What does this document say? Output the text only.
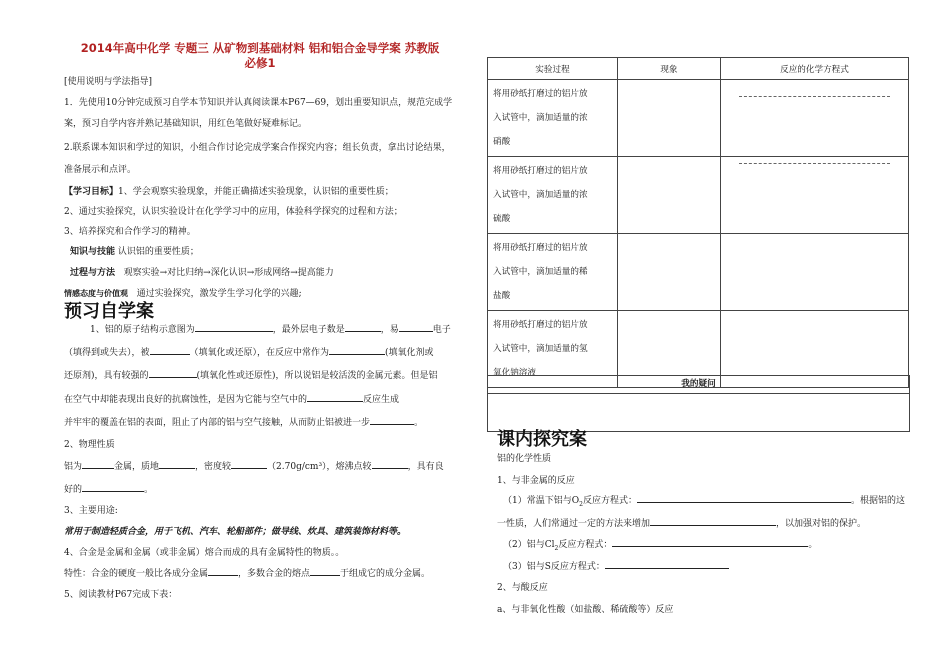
2014年高中化学 专题三 从矿物到基础材料 铝和铝合金导学案 苏教版
必修1
[使用说明与学法指导]
1．先使用10分钟完成预习自学本节知识并认真阅读课本P67—69，划出重要知识点，规范完成学
案，预习自学内容并熟记基础知识，用红色笔做好疑难标记。
2.联系课本知识和学过的知识，小组合作讨论完成学案合作探究内容；组长负责，拿出讨论结果，
准备展示和点评。
【学习目标】1、学会观察实验现象，并能正确描述实验现象，认识铝的重要性质；
2、通过实验探究，认识实验设计在化学学习中的应用，体验科学探究的过程和方法；
3、培养探究和合作学习的精神。
知识与技能 认识铝的重要性质；
过程与方法 观察实验→对比归纳→深化认识→形成网络→提高能力
情感态度与价值观 通过实验探究，激发学生学习化学的兴趣;
预习自学案
1、铝的原子结构示意图为	，最外层电子数是	，易	电子
（填得到或失去），被	（填氧化或还原），在反应中常作为	(填氧化剂或
还原剂)，具有较强的	(填氧化性或还原性)，所以说铝是较活泼的金属元素。但是铝
在空气中却能表现出良好的抗腐蚀性，是因为它能与空气中的	反应生成
并牢牢的覆盖在铝的表面，阻止了内部的铝与空气接触，从而防止铝被进一步	。
2、物理性质
铝为	金属，质地	，密度较	（2.70g/cm³），熔沸点较	，具有良
好的	。
3、主要用途:
常用于制造轻质合金，用于飞机、汽车、轮船部件；做导线、炊具、建筑装饰材料等。
4、合金是金属和金属（或非金属）熔合而成的具有金属特性的物质。。
特性：合金的硬度一般比各成分金属	，多数合金的熔点	于组成它的成分金属。
5、阅读教材P67完成下表：
实验过程	现象	反应的化学方程式
将用砂纸打磨过的铝片放
入试管中，滴加适量的浓
硝酸		

将用砂纸打磨过的铝片放
入试管中，滴加适量的浓
硫酸		

将用砂纸打磨过的铝片放
入试管中，滴加适量的稀
盐酸		
将用砂纸打磨过的铝片放
入试管中，滴加适量的氢
氧化钠溶液		
我的疑问
课内探究案
铝的化学性质
1、与非金属的反应
（1）常温下铝与$O_2$反应方程式：	。根据铝的这
一性质，人们常通过一定的方法来增加	，以加强对铝的保护。
（2）铝与$Cl_2$反应方程式：	。
（3）铝与S反应方程式：
2、与酸反应
a、与非氧化性酸（如盐酸、稀硫酸等）反应
